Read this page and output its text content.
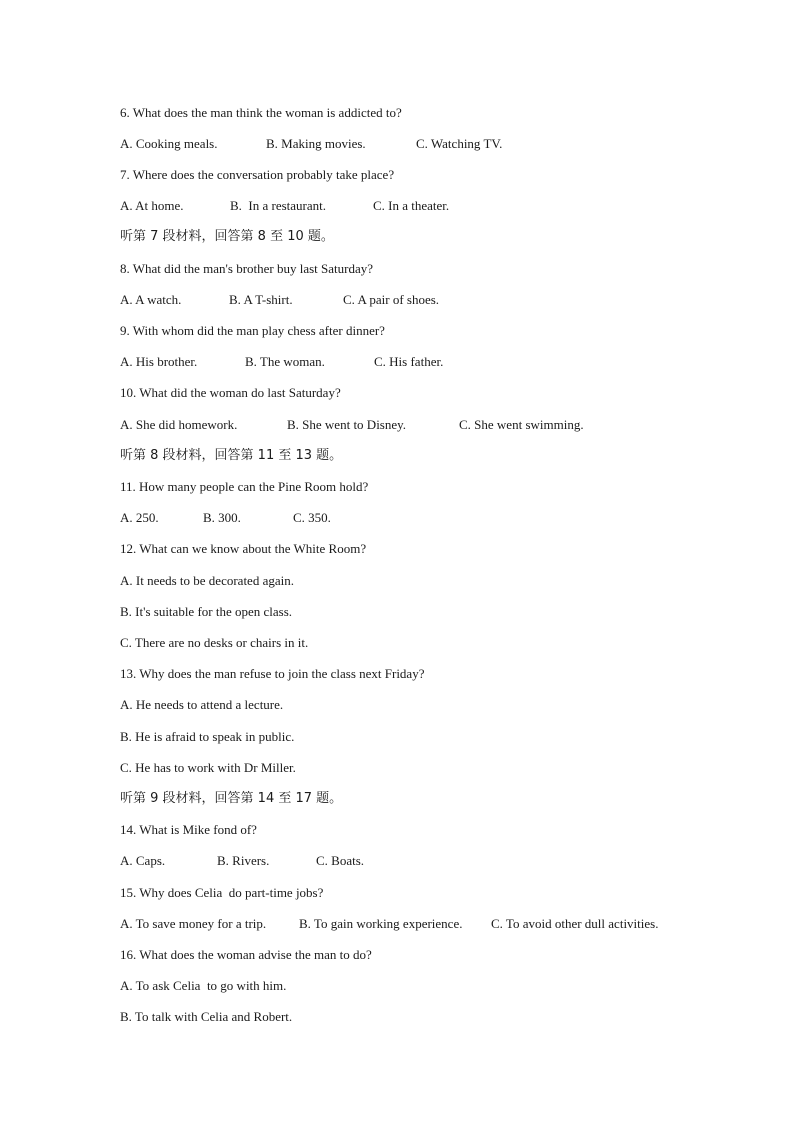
6. What does the man think the woman is addicted to?
A. Cooking meals.	B. Making movies.	C. Watching TV.
7. Where does the conversation probably take place?
A. At home.	B.  In a restaurant.	C. In a theater.
听第 7 段材料，回答第 8 至 10 题。
8. What did the man's brother buy last Saturday?
A. A watch.	B. A T-shirt.	C. A pair of shoes.
9. With whom did the man play chess after dinner?
A. His brother.	B. The woman.	C. His father.
10. What did the woman do last Saturday?
A. She did homework.	B. She went to Disney.	C. She went swimming.
听第 8 段材料，回答第 11 至 13 题。
11. How many people can the Pine Room hold?
A. 250.	B. 300.	C. 350.
12. What can we know about the White Room?
A. It needs to be decorated again.
B. It's suitable for the open class.
C. There are no desks or chairs in it.
13. Why does the man refuse to join the class next Friday?
A. He needs to attend a lecture.
B. He is afraid to speak in public.
C. He has to work with Dr Miller.
听第 9 段材料，回答第 14 至 17 题。
14. What is Mike fond of?
A. Caps.	B. Rivers.	C. Boats.
15. Why does Celia  do part-time jobs?
A. To save money for a trip.	B. To gain working experience. C. To avoid other dull activities.
16. What does the woman advise the man to do?
A. To ask Celia  to go with him.
B. To talk with Celia and Robert.
